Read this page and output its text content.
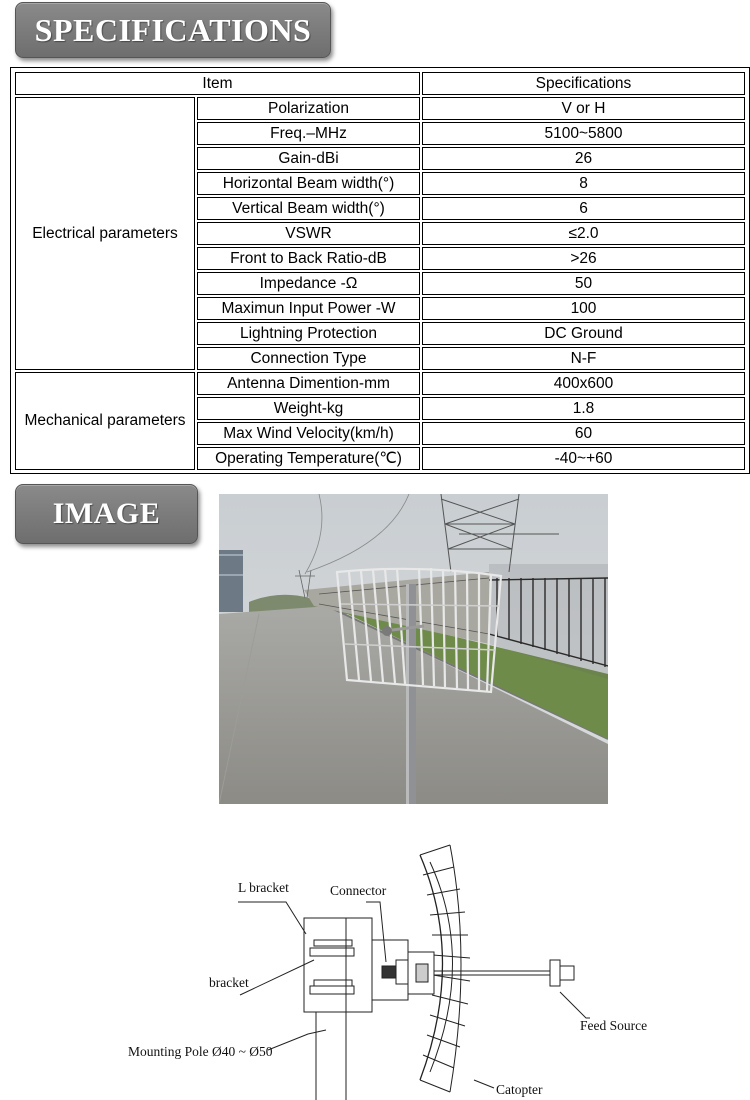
SPECIFICATIONS
Item		Specifications
Electrical parameters	Polarization	V or H
	Freq.–MHz	5100~5800
	Gain-dBi	26
	Horizontal Beam width(°)	8
	Vertical Beam width(°)	6
	VSWR	≤2.0
	Front to Back Ratio-dB	>26
	Impedance -Ω	50
	Maximun Input Power -W	100
	Lightning Protection	DC Ground
	Connection Type	N-F
Mechanical parameters	Antenna Dimention-mm	400x600
	Weight-kg	1.8
	Max Wind Velocity(km/h)	60
	Operating Temperature(℃)	-40~+60
IMAGE
L bracket	Connector
bracket
Mounting Pole Ø40 ~ Ø50
Feed Source
Catopter
